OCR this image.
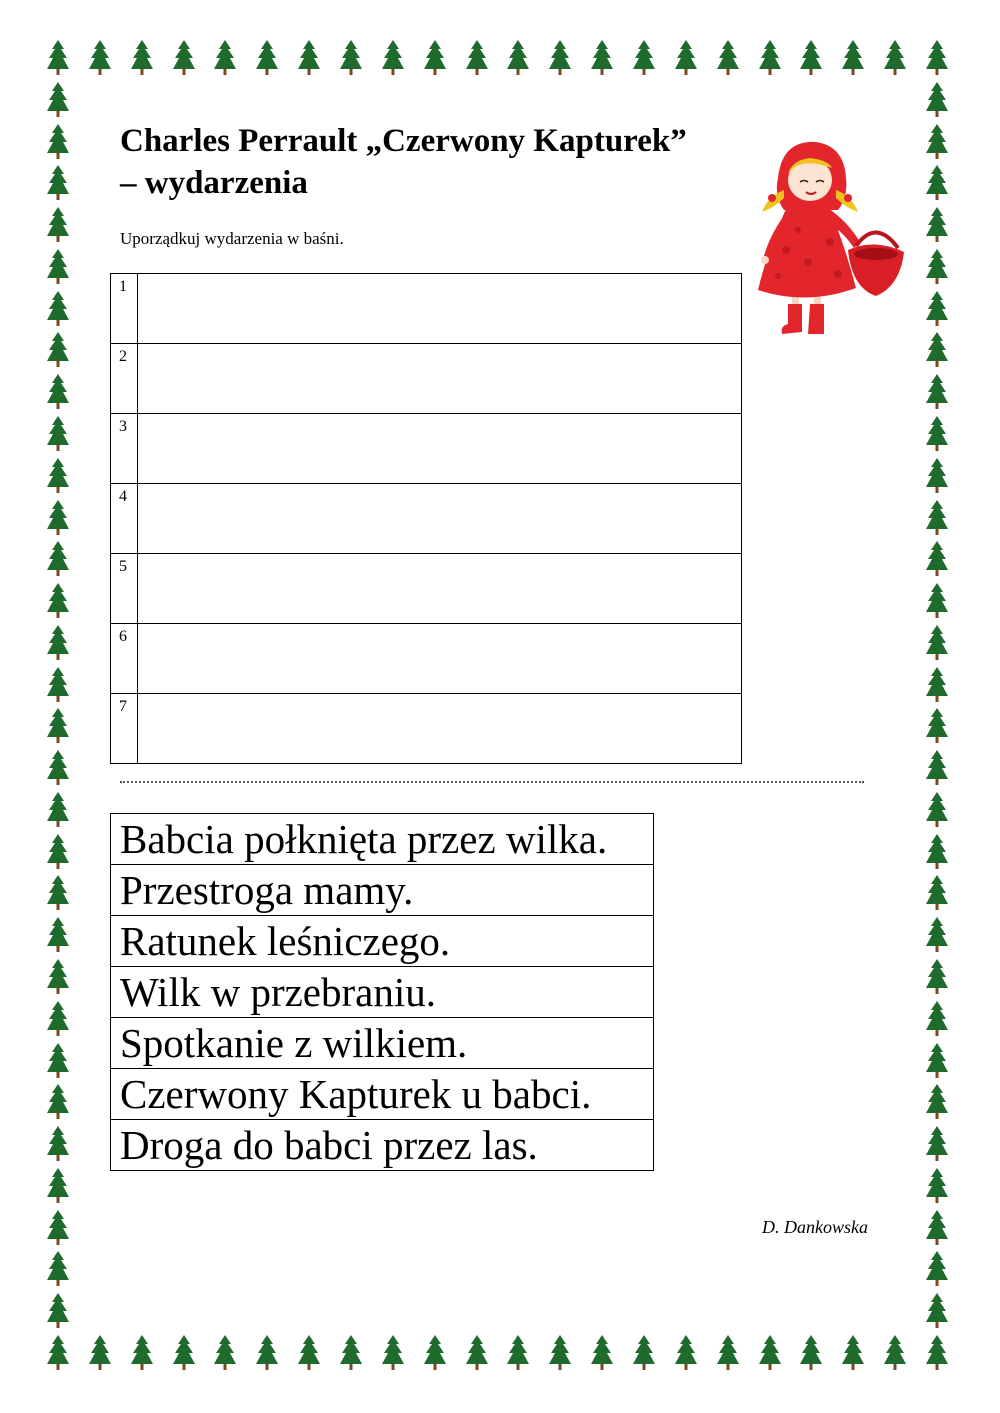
Charles Perrault „Czerwony Kapturek”
– wydarzenia

Uporządkuj wydarzenia w baśni.

1	
2	
3	
4	
5	
6	
7	
Babcia połknięta przez wilka.
Przestroga mamy.
Ratunek leśniczego.
Wilk w przebraniu.
Spotkanie z wilkiem.
Czerwony Kapturek u babci.
Droga do babci przez las.

D. Dankowska
